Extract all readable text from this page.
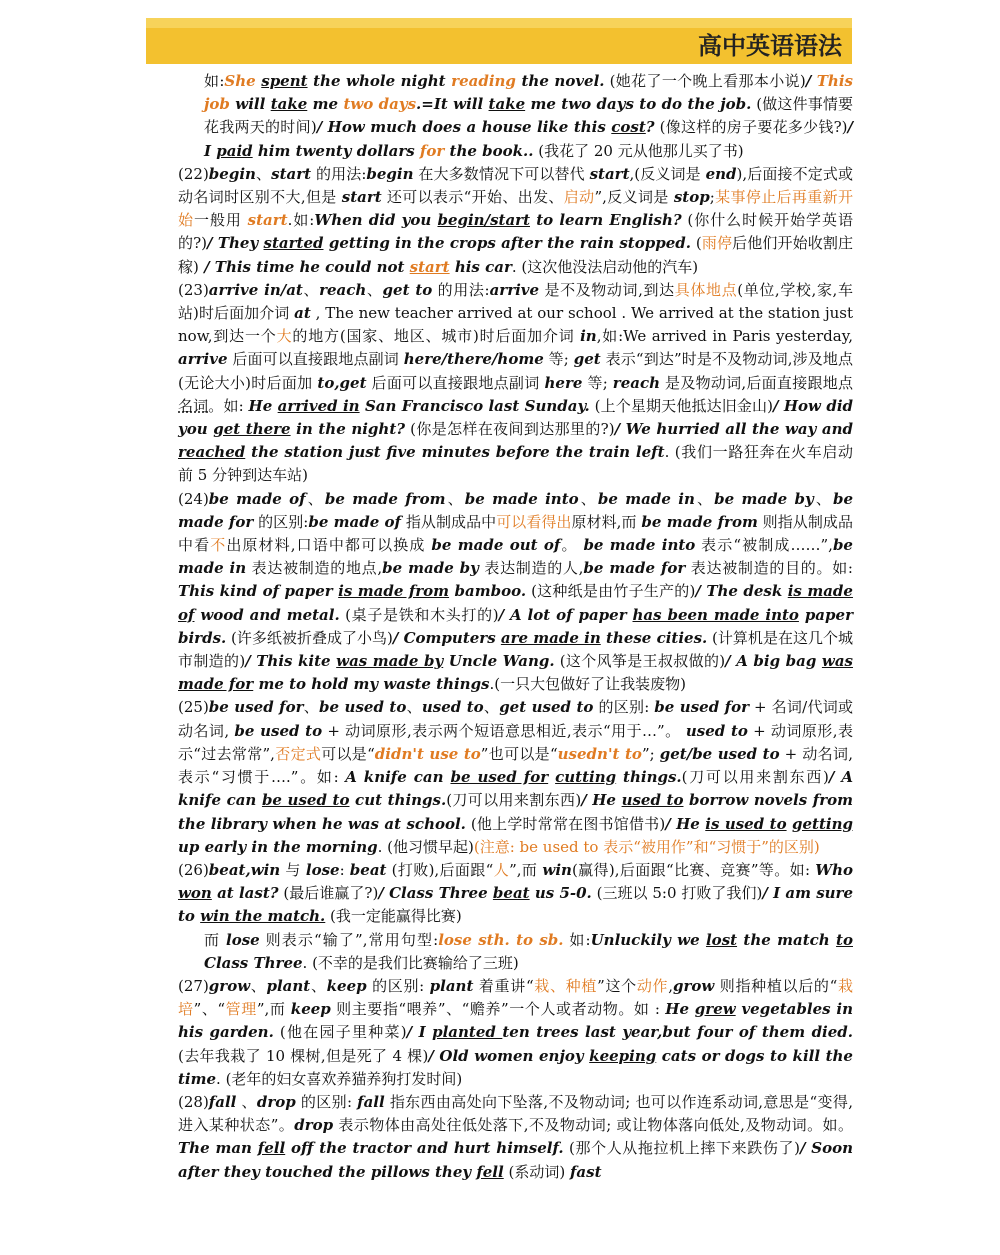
高中英语语法

如:She spent the whole night reading the novel. (她花了一个晚上看那本小说)/ This job will take me two days.=It will take me two days to do the job. (做这件事情要花我两天的时间)/ How much does a house like this cost? (像这样的房子要花多少钱?)/ I paid him twenty dollars for the book.. (我花了 20 元从他那儿买了书)

(22)begin、start 的用法:begin 在大多数情况下可以替代 start,(反义词是 end),后面接不定式或动名词时区别不大,但是 start 还可以表示“开始、出发、启动”,反义词是 stop;某事停止后再重新开始一般用 start.如:When did you begin/start to learn English? (你什么时候开始学英语的?)/ They started getting in the crops after the rain stopped. (雨停后他们开始收割庄稼) / This time he could not start his car. (这次他没法启动他的汽车)

(23)arrive in/at、reach、get to 的用法:arrive 是不及物动词,到达具体地点(单位,学校,家,车站)时后面加介词 at , The new teacher arrived at our school . We arrived at the station just now,到达一个大的地方(国家、地区、城市)时后面加介词 in,如:We arrived in Paris yesterday, arrive 后面可以直接跟地点副词 here/there/home 等; get 表示“到达”时是不及物动词,涉及地点(无论大小)时后面加 to,get 后面可以直接跟地点副词 here 等; reach 是及物动词,后面直接跟地点名词。如: He arrived in San Francisco last Sunday. (上个星期天他抵达旧金山)/ How did you get there in the night? (你是怎样在夜间到达那里的?)/ We hurried all the way and reached the station just five minutes before the train left. (我们一路狂奔在火车启动前 5 分钟到达车站)

(24)be made of、be made from、be made into、be made in、be made by、be made for 的区别:be made of 指从制成品中可以看得出原材料,而 be made from 则指从制成品中看不出原材料,口语中都可以换成 be made out of。 be made into 表示“被制成……”,be made in 表达被制造的地点,be made by 表达制造的人,be made for 表达被制造的目的。如: This kind of paper is made from bamboo. (这种纸是由竹子生产的)/ The desk is made of wood and metal. (桌子是铁和木头打的)/ A lot of paper has been made into paper birds. (许多纸被折叠成了小鸟)/ Computers are made in these cities. (计算机是在这几个城市制造的)/ This kite was made by Uncle Wang. (这个风筝是王叔叔做的)/ A big bag was made for me to hold my waste things.(一只大包做好了让我装废物)

(25)be used for、be used to、used to、get used to 的区别: be used for + 名词/代词或动名词, be used to + 动词原形,表示两个短语意思相近,表示“用于…”。 used to + 动词原形,表示“过去常常”,否定式可以是“didn't use to”也可以是“usedn't to”; get/be used to + 动名词,表示“习惯于….”。如: A knife can be used for cutting things.(刀可以用来割东西)/ A knife can be used to cut things.(刀可以用来割东西)/ He used to borrow novels from the library when he was at school. (他上学时常常在图书馆借书)/ He is used to getting up early in the morning. (他习惯早起)(注意: be used to 表示“被用作”和“习惯于”的区别)

(26)beat,win 与 lose: beat (打败),后面跟“人”,而 win(赢得),后面跟“比赛、竞赛”等。如: Who won at last? (最后谁赢了?)/ Class Three beat us 5-0. (三班以 5:0 打败了我们)/ I am sure to win the match. (我一定能赢得比赛)

而 lose 则表示“输了”,常用句型:lose sth. to sb. 如:Unluckily we lost the match to Class Three. (不幸的是我们比赛输给了三班)

(27)grow、plant、keep 的区别: plant 着重讲“栽、种植”这个动作,grow 则指种植以后的“栽培”、“管理”,而 keep 则主要指“喂养”、“赡养”一个人或者动物。如 : He grew vegetables in his garden. (他在园子里种菜)/ I planted ten trees last year,but four of them died. (去年我栽了 10 棵树,但是死了 4 棵)/ Old women enjoy keeping cats or dogs to kill the time. (老年的妇女喜欢养猫养狗打发时间)

(28)fall 、drop 的区别: fall 指东西由高处向下坠落,不及物动词; 也可以作连系动词,意思是“变得,进入某种状态”。drop 表示物体由高处往低处落下,不及物动词; 或让物体落向低处,及物动词。如。The man fell off the tractor and hurt himself. (那个人从拖拉机上摔下来跌伤了)/ Soon after they touched the pillows they fell (系动词) fast
